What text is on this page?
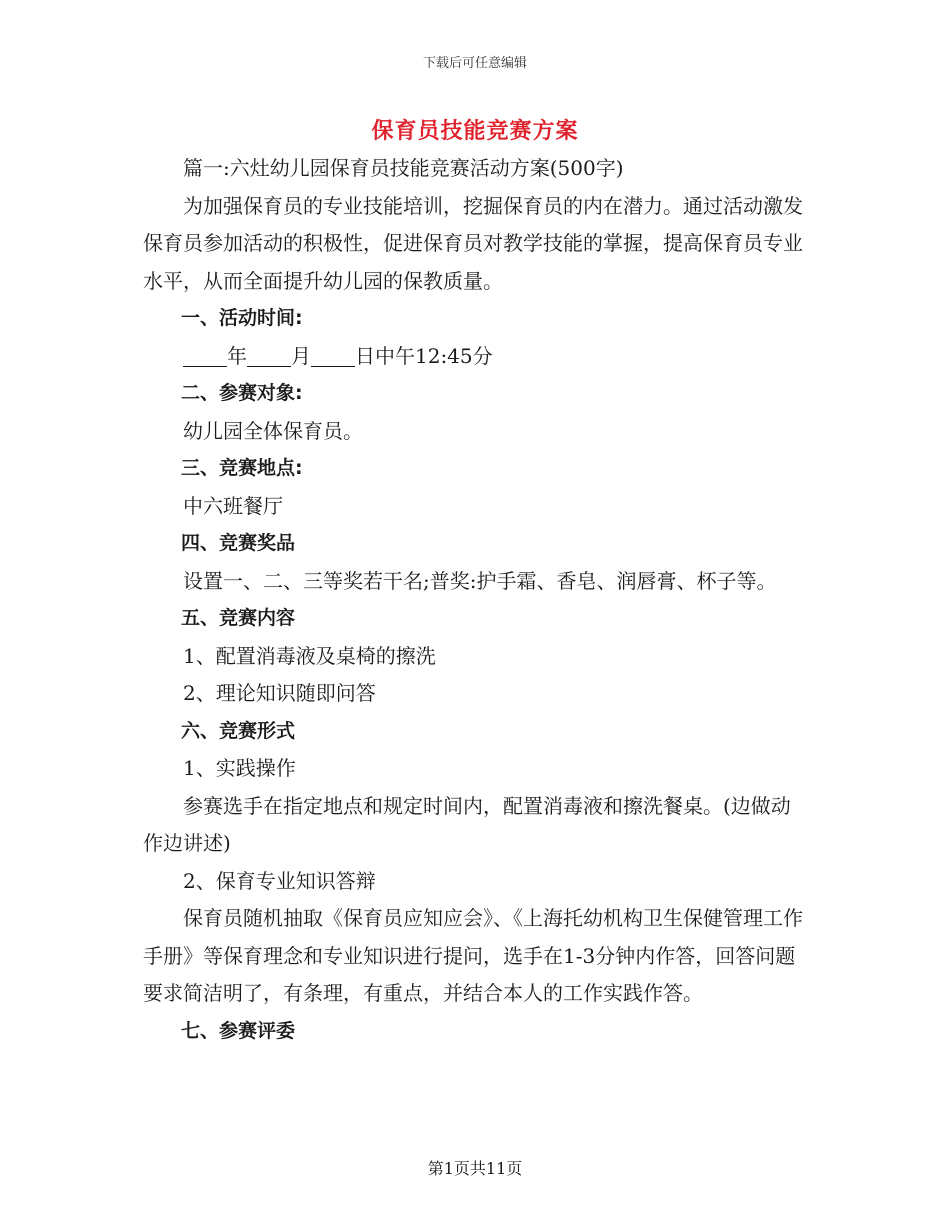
下载后可任意编辑
保育员技能竞赛方案

篇一:六灶幼儿园保育员技能竞赛活动方案(500字)

为加强保育员的专业技能培训，挖掘保育员的内在潜力。通过活动激发保育员参加活动的积极性，促进保育员对教学技能的掌握，提高保育员专业水平，从而全面提升幼儿园的保教质量。

一、活动时间:

年 月 日中午12:45分

二、参赛对象:

幼儿园全体保育员。

三、竞赛地点:

中六班餐厅

四、竞赛奖品

设置一、二、三等奖若干名;普奖:护手霜、香皂、润唇膏、杯子等。

五、竞赛内容

1、配置消毒液及桌椅的擦洗

2、理论知识随即问答

六、竞赛形式

1、实践操作

参赛选手在指定地点和规定时间内，配置消毒液和擦洗餐桌。(边做动作边讲述)

2、保育专业知识答辩

保育员随机抽取《保育员应知应会》、《上海托幼机构卫生保健管理工作手册》等保育理念和专业知识进行提问，选手在1-3分钟内作答，回答问题要求简洁明了，有条理，有重点，并结合本人的工作实践作答。

七、参赛评委

第1页共11页
